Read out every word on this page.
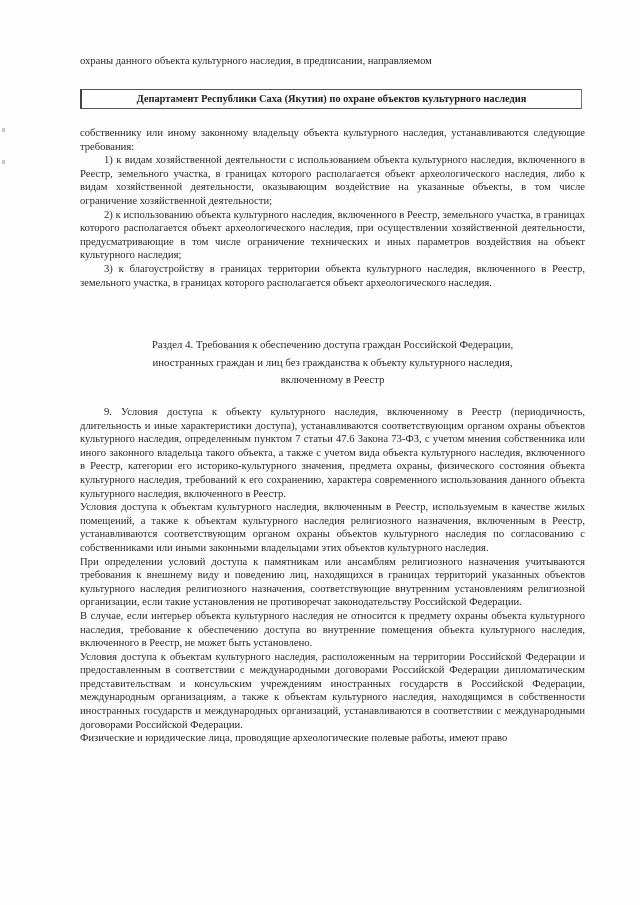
охраны данного объекта культурного наследия, в предписании, направляемом
Департамент Республики Саха (Якутия) по охране объектов культурного наследия

собственнику или иному законному владельцу объекта культурного наследия, устанавливаются следующие требования:

1) к видам хозяйственной деятельности с использованием объекта культурного наследия, включенного в Реестр, земельного участка, в границах которого располагается объект археологического наследия, либо к видам хозяйственной деятельности, оказывающим воздействие на указанные объекты, в том числе ограничение хозяйственной деятельности;

2) к использованию объекта культурного наследия, включенного в Реестр, земельного участка, в границах которого располагается объект археологического наследия, при осуществлении хозяйственной деятельности, предусматривающие в том числе ограничение технических и иных параметров воздействия на объект культурного наследия;

3) к благоустройству в границах территории объекта культурного наследия, включенного в Реестр, земельного участка, в границах которого располагается объект археологического наследия.

Раздел 4. Требования к обеспечению доступа граждан Российской Федерации,
иностранных граждан и лиц без гражданства к объекту культурного наследия,
включенному в Реестр

9. Условия доступа к объекту культурного наследия, включенному в Реестр (периодичность, длительность и иные характеристики доступа), устанавливаются соответствующим органом охраны объектов культурного наследия, определенным пунктом 7 статьи 47.6 Закона 73-ФЗ, с учетом мнения собственника или иного законного владельца такого объекта, а также с учетом вида объекта культурного наследия, включенного в Реестр, категории его историко-культурного значения, предмета охраны, физического состояния объекта культурного наследия, требований к его сохранению, характера современного использования данного объекта культурного наследия, включенного в Реестр.

Условия доступа к объектам культурного наследия, включенным в Реестр, используемым в качестве жилых помещений, а также к объектам культурного наследия религиозного назначения, включенным в Реестр, устанавливаются соответствующим органом охраны объектов культурного наследия по согласованию с собственниками или иными законными владельцами этих объектов культурного наследия.

При определении условий доступа к памятникам или ансамблям религиозного назначения учитываются требования к внешнему виду и поведению лиц, находящихся в границах территорий указанных объектов культурного наследия религиозного назначения, соответствующие внутренним установлениям религиозной организации, если такие установления не противоречат законодательству Российской Федерации.

В случае, если интерьер объекта культурного наследия не относится к предмету охраны объекта культурного наследия, требование к обеспечению доступа во внутренние помещения объекта культурного наследия, включенного в Реестр, не может быть установлено.

Условия доступа к объектам культурного наследия, расположенным на территории Российской Федерации и предоставленным в соответствии с международными договорами Российской Федерации дипломатическим представительствам и консульским учреждениям иностранных государств в Российской Федерации, международным организациям, а также к объектам культурного наследия, находящимся в собственности иностранных государств и международных организаций, устанавливаются в соответствии с международными договорами Российской Федерации.

Физические и юридические лица, проводящие археологические полевые работы, имеют право
